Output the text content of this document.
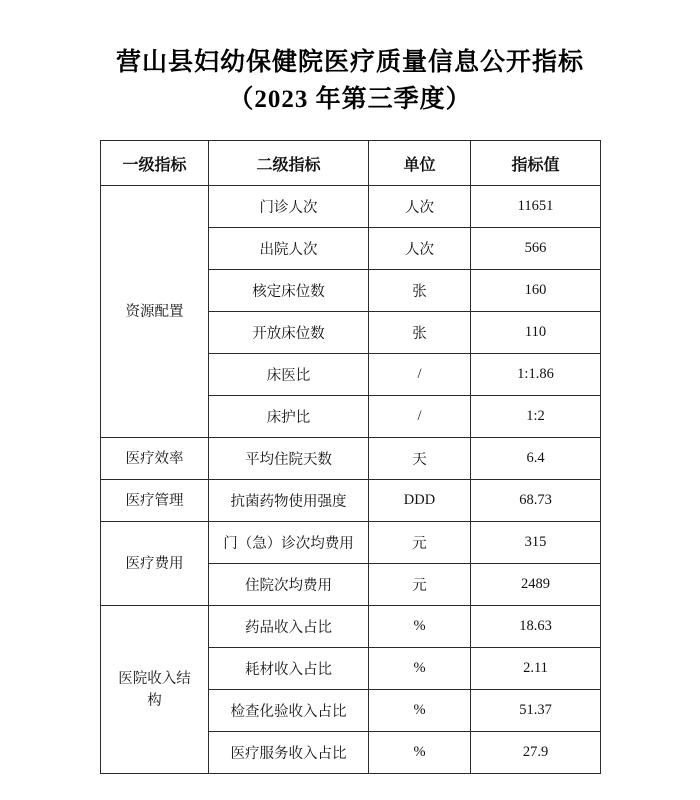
营山县妇幼保健院医疗质量信息公开指标
（2023 年第三季度）
一级指标	二级指标	单位	指标值

资源配置	门诊人次	人次	11651
	出院人次	人次	566
	核定床位数	张	160
	开放床位数	张	110
	床医比	/	1:1.86
	床护比	/	1:2

医疗效率	平均住院天数	天	6.4

医疗管理	抗菌药物使用强度	DDD	68.73

医疗费用	门（急）诊次均费用	元	315
	住院次均费用	元	2489

医院收入结构	药品收入占比	%	18.63
	耗材收入占比	%	2.11
	检查化验收入占比	%	51.37
	医疗服务收入占比	%	27.9
